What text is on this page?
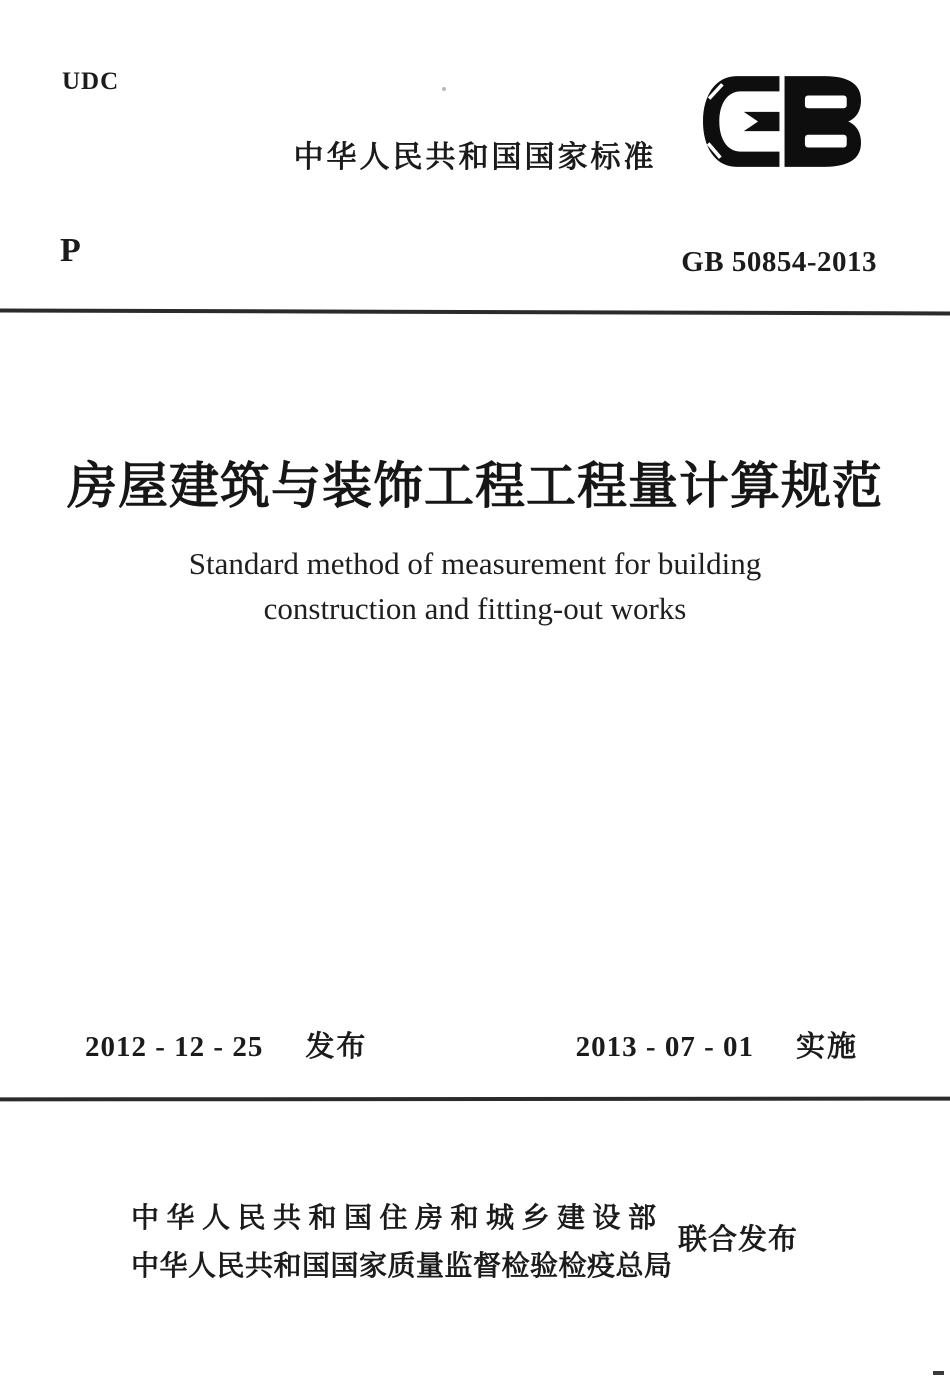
UDC
中华人民共和国国家标准
P	GB 50854-2013
房屋建筑与装饰工程工程量计算规范
Standard method of measurement for building
construction and fitting-out works
2012 - 12 - 25 发布	2013 - 07 - 01 实施
中华人民共和国住房和城乡建设部
中华人民共和国国家质量监督检验检疫总局
联合发布
